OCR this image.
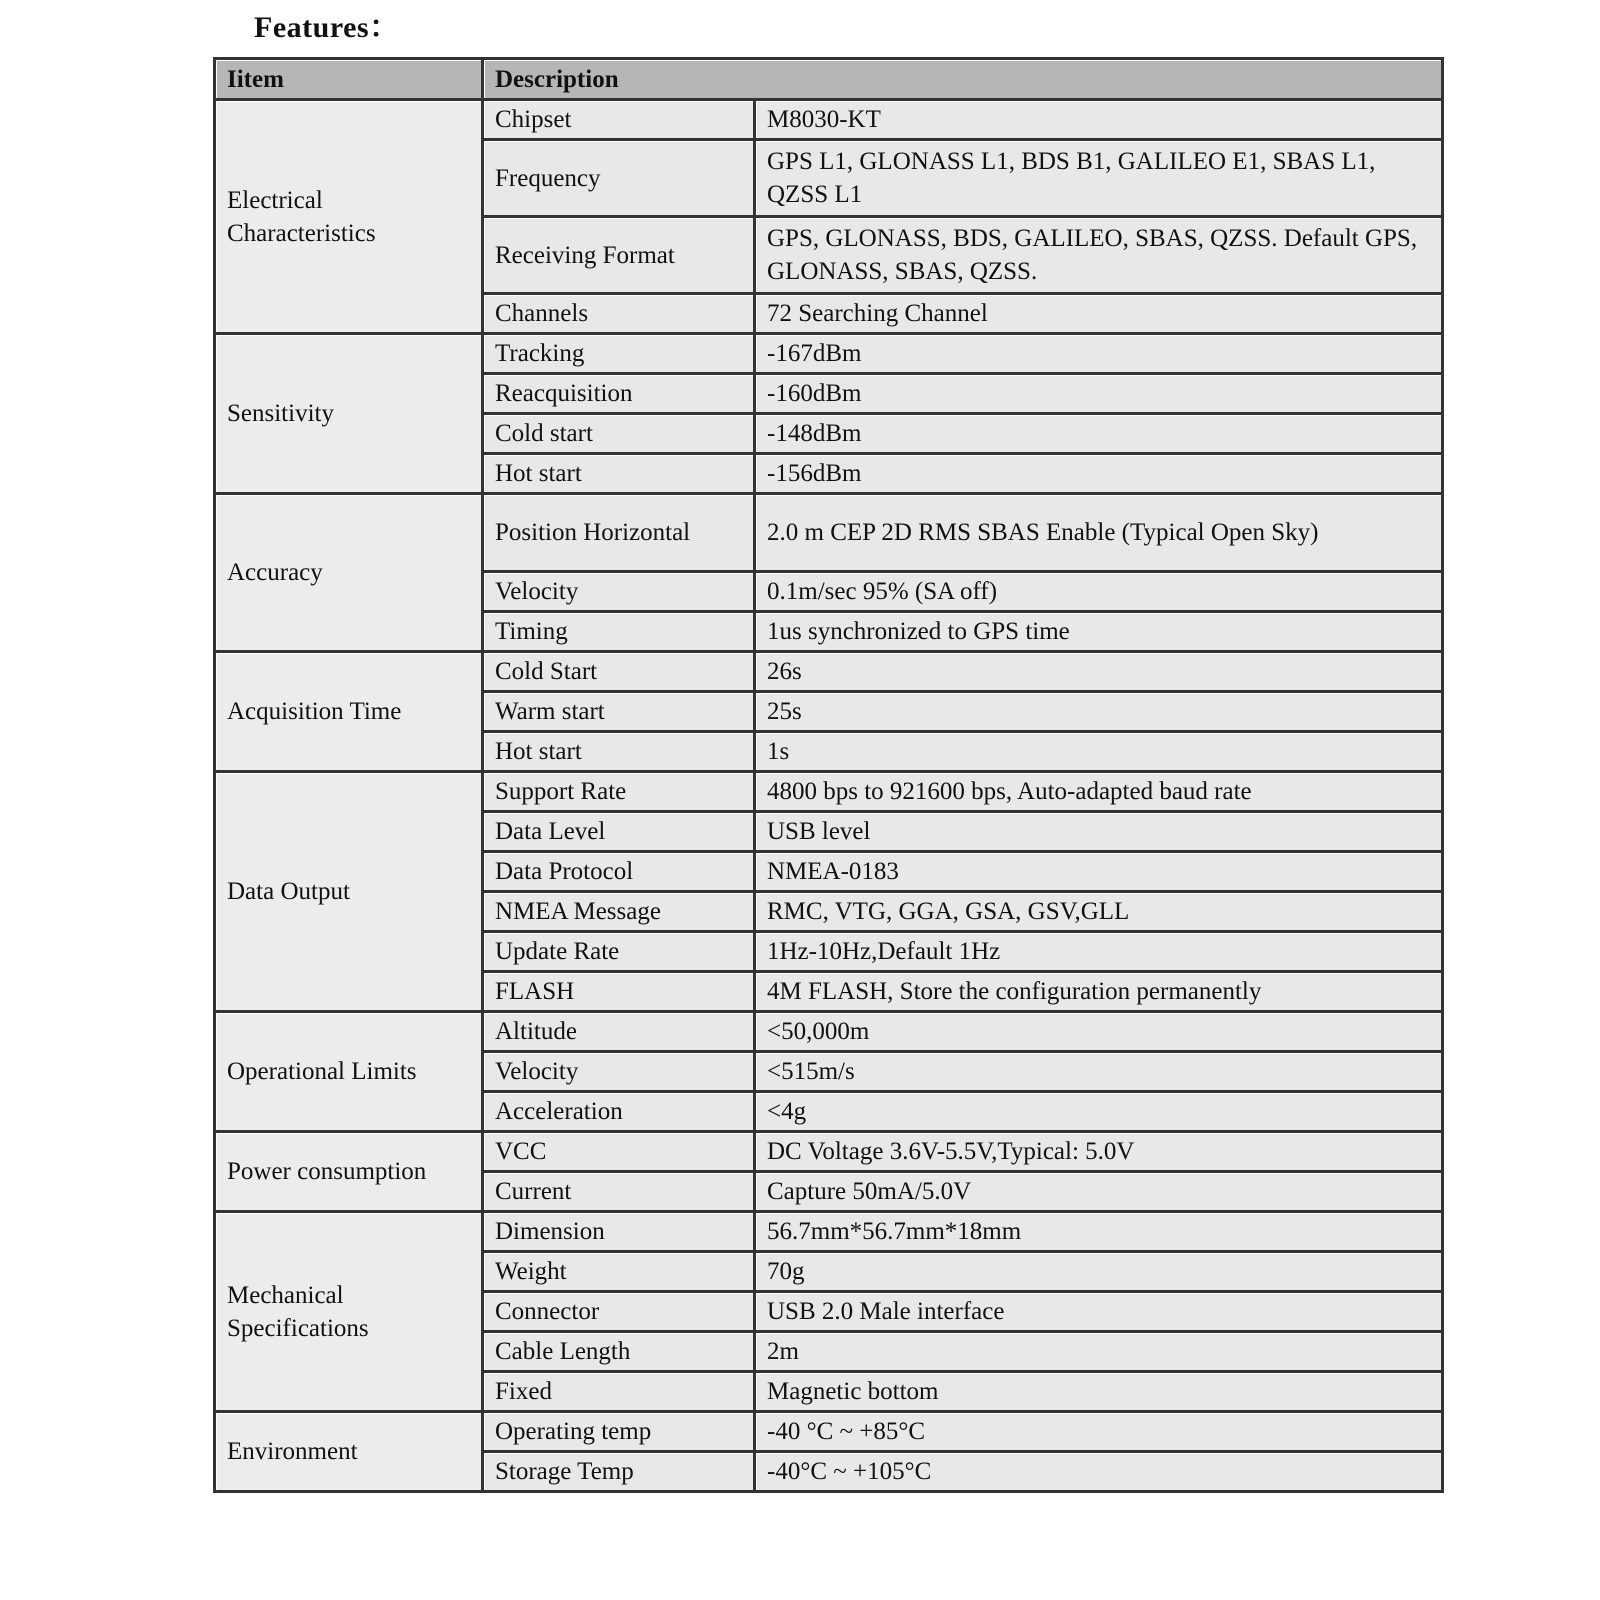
Features：
Iitem	Description	
Electrical Characteristics	Chipset	M8030-KT
	Frequency	GPS L1, GLONASS L1, BDS B1, GALILEO E1, SBAS L1, QZSS L1
	Receiving Format	GPS, GLONASS, BDS, GALILEO, SBAS, QZSS. Default GPS, GLONASS, SBAS, QZSS.
	Channels	72 Searching Channel
Sensitivity	Tracking	-167dBm
	Reacquisition	-160dBm
	Cold start	-148dBm
	Hot start	-156dBm
Accuracy	Position Horizontal	2.0 m CEP 2D RMS SBAS Enable (Typical Open Sky)
	Velocity	0.1m/sec 95% (SA off)
	Timing	1us synchronized to GPS time
Acquisition Time	Cold Start	26s
	Warm start	25s
	Hot start	1s
Data Output	Support Rate	4800 bps to 921600 bps, Auto-adapted baud rate
	Data Level	USB level
	Data Protocol	NMEA-0183
	NMEA Message	RMC, VTG, GGA, GSA, GSV,GLL
	Update Rate	1Hz-10Hz,Default 1Hz
	FLASH	4M FLASH, Store the configuration permanently
Operational Limits	Altitude	<50,000m
	Velocity	<515m/s
	Acceleration	<4g
Power consumption	VCC	DC Voltage 3.6V-5.5V,Typical: 5.0V
	Current	Capture 50mA/5.0V
Mechanical Specifications	Dimension	56.7mm*56.7mm*18mm
	Weight	70g
	Connector	USB 2.0 Male interface
	Cable Length	2m
	Fixed	Magnetic bottom
Environment	Operating temp	-40 °C ~ +85°C
	Storage Temp	-40°C ~ +105°C
